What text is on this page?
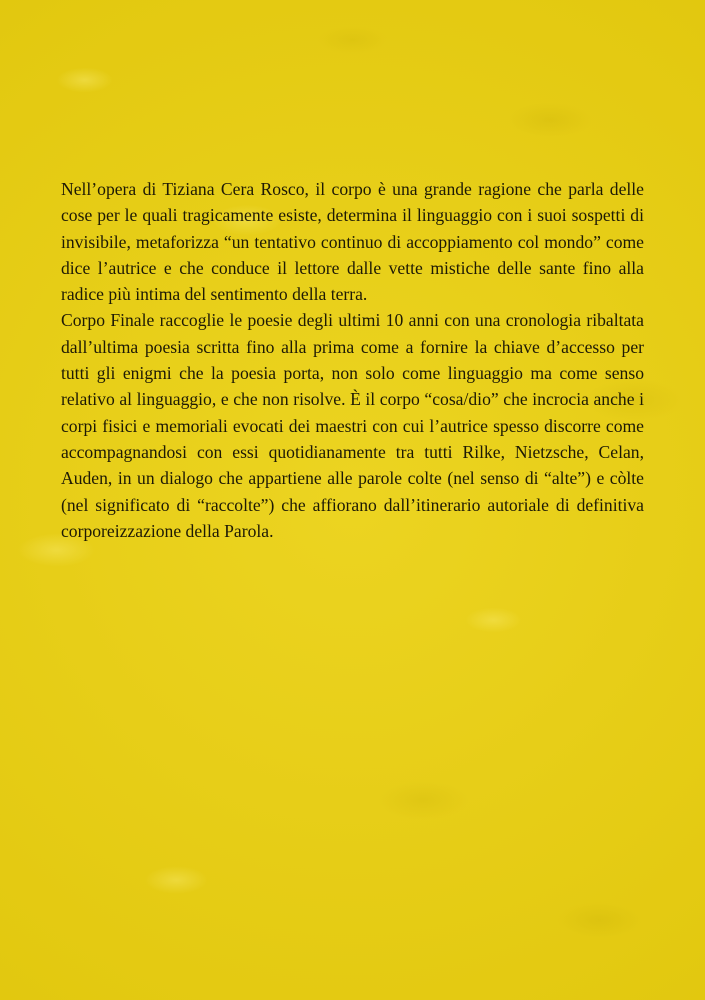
Nell’opera di Tiziana Cera Rosco, il corpo è una grande ragione che parla delle cose per le quali tragicamente esiste, determina il linguaggio con i suoi sospetti di invisibile, metaforizza “un tentativo continuo di accoppiamento col mondo” come dice l’autrice e che conduce il lettore dalle vette mistiche delle sante fino alla radice più intima del sentimento della terra.

Corpo Finale raccoglie le poesie degli ultimi 10 anni con una cronologia ribaltata dall’ultima poesia scritta fino alla prima come a fornire la chiave d’accesso per tutti gli enigmi che la poesia porta, non solo come linguaggio ma come senso relativo al linguaggio, e che non risolve. È il corpo “cosa/dio” che incrocia anche i corpi fisici e memoriali evocati dei maestri con cui l’autrice spesso discorre come accompagnandosi con essi quotidianamente tra tutti Rilke, Nietzsche, Celan, Auden, in un dialogo che appartiene alle parole colte (nel senso di “alte”) e còlte (nel significato di “raccolte”) che affiorano dall’itinerario autoriale di definitiva corporeizzazione della Parola.
